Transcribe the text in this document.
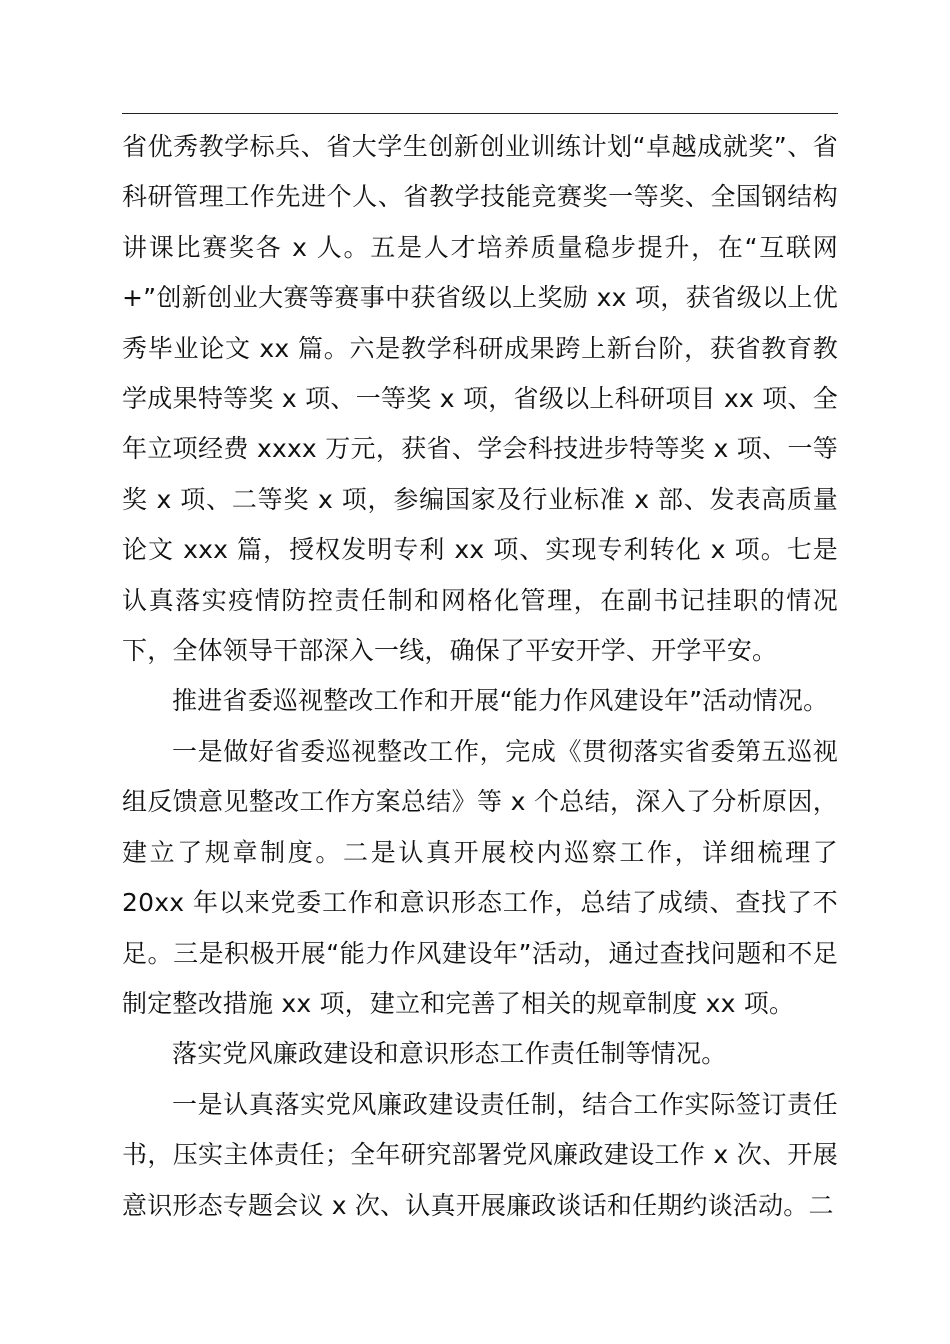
省优秀教学标兵、省大学生创新创业训练计划“卓越成就奖”、省科研管理工作先进个人、省教学技能竞赛奖一等奖、全国钢结构讲课比赛奖各 x 人。五是人才培养质量稳步提升，在“互联网+”创新创业大赛等赛事中获省级以上奖励 xx 项，获省级以上优秀毕业论文 xx 篇。六是教学科研成果跨上新台阶，获省教育教学成果特等奖 x 项、一等奖 x 项，省级以上科研项目 xx 项、全年立项经费 xxxx 万元，获省、学会科技进步特等奖 x 项、一等奖 x 项、二等奖 x 项，参编国家及行业标准 x 部、发表高质量论文 xxx 篇，授权发明专利 xx 项、实现专利转化 x 项。七是认真落实疫情防控责任制和网格化管理，在副书记挂职的情况下，全体领导干部深入一线，确保了平安开学、开学平安。

推进省委巡视整改工作和开展“能力作风建设年”活动情况。

一是做好省委巡视整改工作，完成《贯彻落实省委第五巡视组反馈意见整改工作方案总结》等 x 个总结，深入了分析原因，建立了规章制度。二是认真开展校内巡察工作，详细梳理了 20xx 年以来党委工作和意识形态工作，总结了成绩、查找了不足。三是积极开展“能力作风建设年”活动，通过查找问题和不足制定整改措施 xx 项，建立和完善了相关的规章制度 xx 项。

落实党风廉政建设和意识形态工作责任制等情况。

一是认真落实党风廉政建设责任制，结合工作实际签订责任书，压实主体责任；全年研究部署党风廉政建设工作 x 次、开展意识形态专题会议 x 次、认真开展廉政谈话和任期约谈活动。二
